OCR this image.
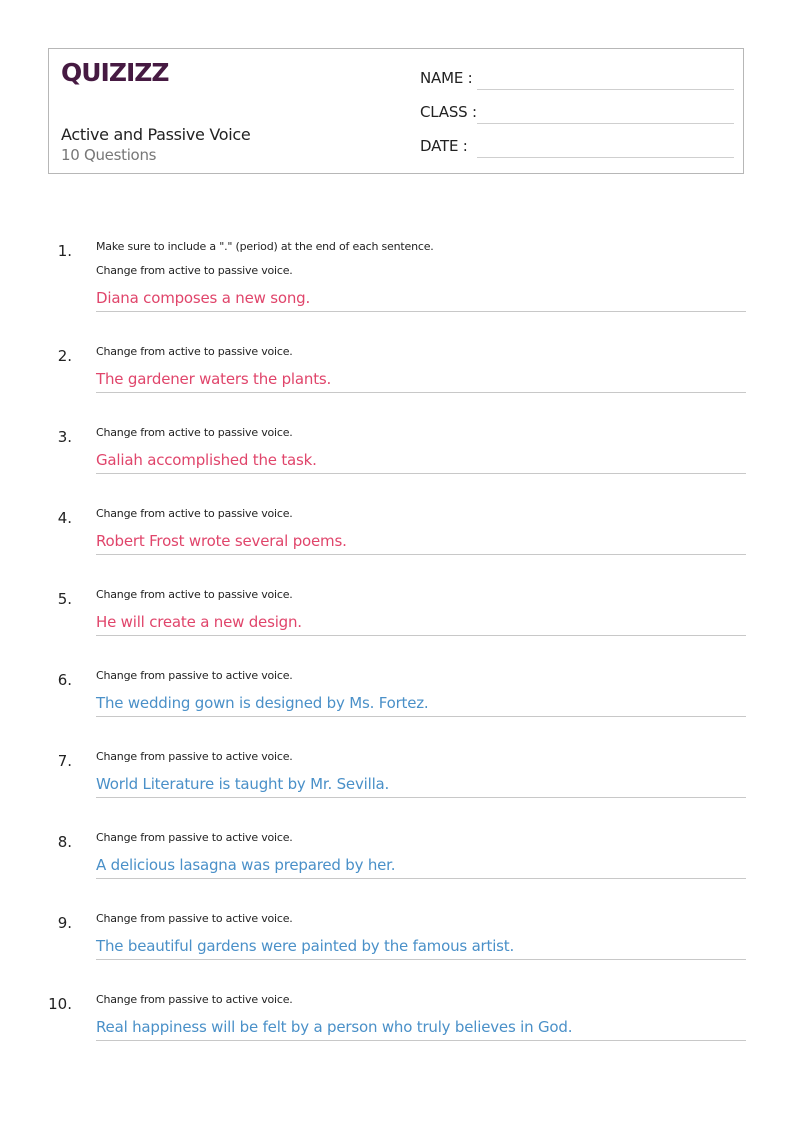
QUIZIZZ
Active and Passive Voice
10 Questions
NAME :
CLASS :
DATE :
1. Make sure to include a "." (period) at the end of each sentence.
Change from active to passive voice.
Diana composes a new song.
2. Change from active to passive voice.
The gardener waters the plants.
3. Change from active to passive voice.
Galiah accomplished the task.
4. Change from active to passive voice.
Robert Frost wrote several poems.
5. Change from active to passive voice.
He will create a new design.
6. Change from passive to active voice.
The wedding gown is designed by Ms. Fortez.
7. Change from passive to active voice.
World Literature is taught by Mr. Sevilla.
8. Change from passive to active voice.
A delicious lasagna was prepared by her.
9. Change from passive to active voice.
The beautiful gardens were painted by the famous artist.
10. Change from passive to active voice.
Real happiness will be felt by a person who truly believes in God.
